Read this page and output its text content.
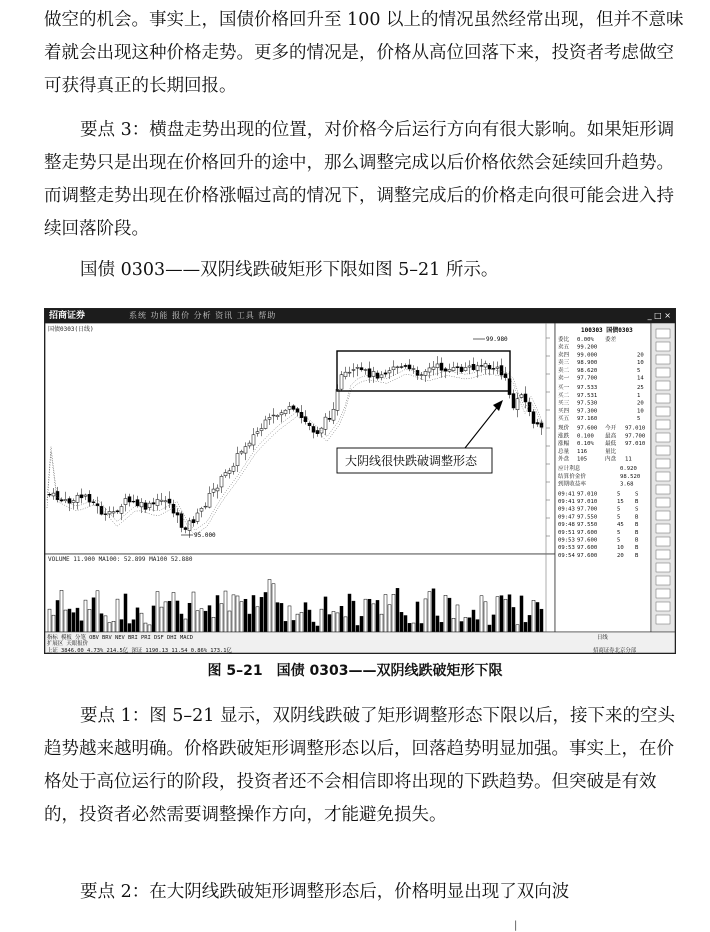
做空的机会。事实上，国债价格回升至 100 以上的情况虽然经常出现，但并不意味着就会出现这种价格走势。更多的情况是，价格从高位回落下来，投资者考虑做空可获得真正的长期回报。

要点 3：横盘走势出现的位置，对价格今后运行方向有很大影响。如果矩形调整走势只是出现在价格回升的途中，那么调整完成以后价格依然会延续回升趋势。而调整走势出现在价格涨幅过高的情况下，调整完成后的价格走向很可能会进入持续回落阶段。

国债 0303——双阴线跌破矩形下限如图 5–21 所示。

招商证券	系统 功能 报价 分析 资讯 工具 帮助	_ □ ×
国债0303(日线)
VOLUME 11.900 MA100: 52.899 MA100 52.880
99.980
95.000
大阴线很快跌破调整形态
100303 国债0303
委比 0.00% 委差
卖五 99.200
卖四 99.000	20
卖三 98.900	10
卖二 98.620	5
卖一 97.700	14
买一 97.533	25
买二 97.531	1
买三 97.530	20
买四 97.300	10
买五 97.160	5
现价 97.600 今开 97.010
涨跌 0.100 最高 97.700
涨幅 0.10% 最低 97.010
总量 116	量比
外盘 105	内盘 11
应计利息	0.920
结算价金价	98.520
到期收益率	3.68
09:41 97.010	5	S
09:41 97.010	15 B
09:43 97.700	5	S
09:47 97.550	5	B
09:48 97.550	45 B
09:51 97.600	5	B
09:53 97.600	5	B
09:53 97.600	10 B
09:54 97.600	20 B
指标 模板 分笔 OBV BRV NEV BRI PRI DSF DHI MACD
扩展区 天眼报价
日线
上证 3846.00 4.73% 214.5亿 深证 1190.13 11.54 0.86% 173.1亿	招商证券北京分部
图 5–21　国债 0303——双阴线跌破矩形下限

要点 1：图 5–21 显示，双阴线跌破了矩形调整形态下限以后，接下来的空头趋势越来越明确。价格跌破矩形调整形态以后，回落趋势明显加强。事实上，在价格处于高位运行的阶段，投资者还不会相信即将出现的下跌趋势。但突破是有效的，投资者必然需要调整操作方向，才能避免损失。

要点 2：在大阴线跌破矩形调整形态后，价格明显出现了双向波

|
